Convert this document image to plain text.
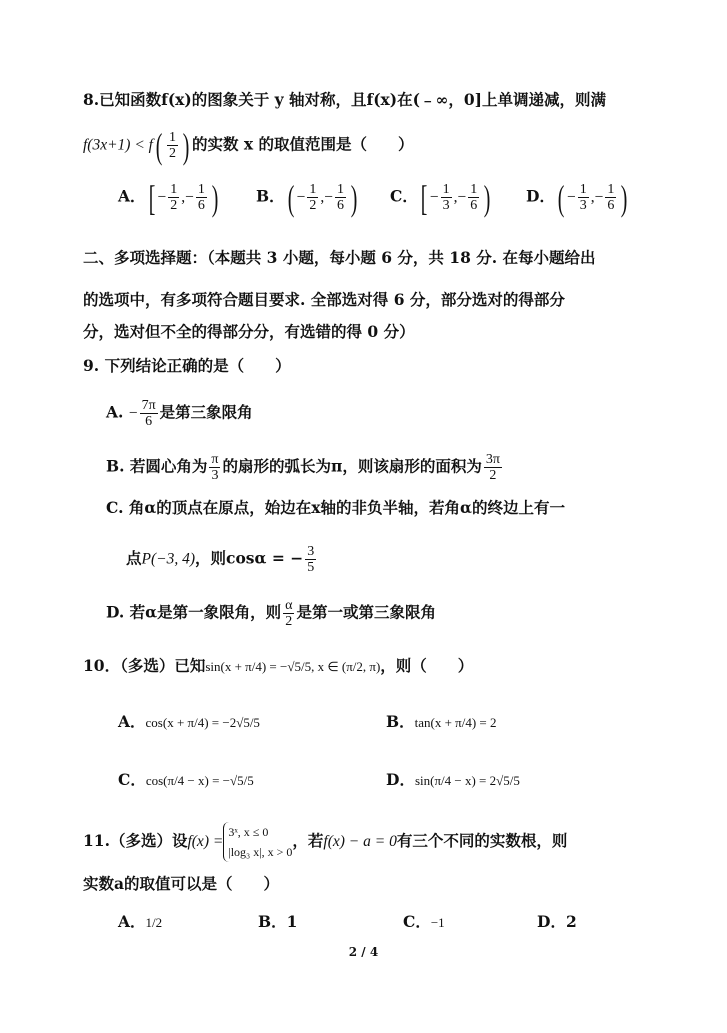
8.已知函数f(x)的图象关于 y 轴对称，且f(x)在(﹣∞，0]上单调递减，则满
$f(3x+1) < f( \frac{1}{2}$ ) 的实数 x 的取值范围是（　　）
A．[ − $\frac{1}{2}$ ,− $\frac{1}{6}$ ) B．( − $\frac{1}{2}$ ,− $\frac{1}{6}$ ) C．[ − $\frac{1}{3}$ ,− $\frac{1}{6}$ ) D．( − $\frac{1}{3}$ ,− $\frac{1}{6}$ )
二、多项选择题：（本题共 3 小题，每小题 6 分，共 18 分. 在每小题给出
的选项中，有多项符合题目要求. 全部选对得 6 分，部分选对的得部分
分，选对但不全的得部分分，有选错的得 0 分）
9. 下列结论正确的是（　　）
A. − $\frac{7\pi}{6}$ 是第三象限角
B. 若圆心角为 $\frac{\pi}{3}$ 的扇形的弧长为π，则该扇形的面积为 $\frac{3\pi}{2}$
C. 角α的顶点在原点，始边在x轴的非负半轴，若角α的终边上有一
点P(−3, 4)，则cosα = − $\frac{3}{5}$
D. 若α是第一象限角，则 $\frac{\alpha}{2}$ 是第一或第三象限角
10．（多选）已知sin(x + π/4) = −√5/5, x ∈ (π/2, π)，则（　　）
A．cos(x + π/4) = −2√5/5	B．tan(x + π/4) = 2
C．cos(π/4 − x) = −√5/5	D．sin(π/4 − x) = 2√5/5
11.（多选）设f(x) =3ˣ, x ≤ 0
|log₃ x|, x > 0，若f(x) − a = 0有三个不同的实数根，则
实数a的取值可以是（　　）
A．1/2	B．1	C．−1	D．2
2 / 4
